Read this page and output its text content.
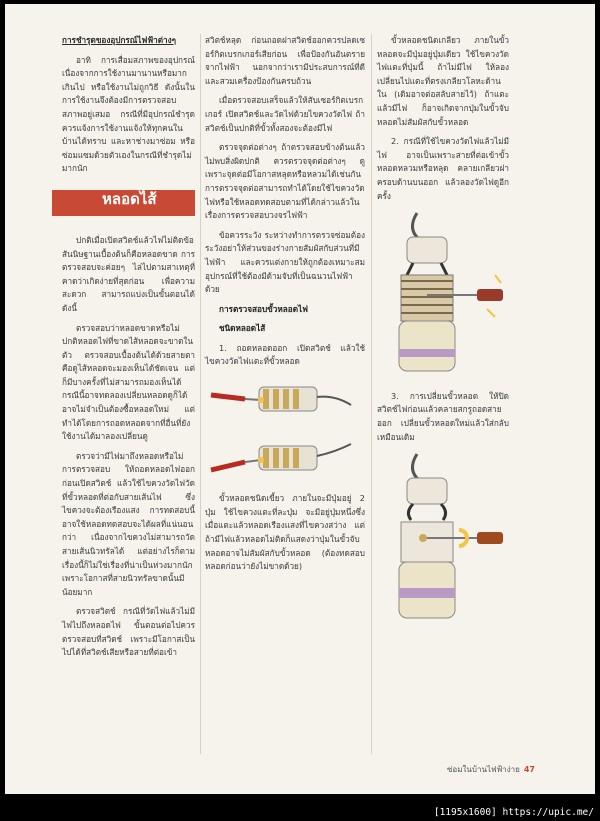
การชำรุดของอุปกรณ์ไฟฟ้าต่างๆ

อาทิ การเสื่อมสภาพของอุปกรณ์ เนื่องจากการใช้งานมานานหรือมากเกินไป หรือใช้งานไม่ถูกวิธี ดังนั้นในการใช้งานจึงต้องมีการตรวจสอบสภาพอยู่เสมอ กรณีที่มีอุปกรณ์ชำรุดควรแจ้งการใช้งานแจ้งให้ทุกคนในบ้านได้ทราบ และหาช่างมาซ่อม หรือซ่อมแซมด้วยตัวเองในกรณีที่ชำรุดไม่มากนัก

หลอดไส้

ปกติเมื่อเปิดสวิตช์แล้วไฟไม่ติดข้อสันนิษฐานเบื้องต้นก็คือหลอดขาด การตรวจสอบจะค่อยๆ ไล่ไปตามสาเหตุที่คาดว่าเกิดง่ายที่สุดก่อน เพื่อความสะดวก สามารถแบ่งเป็นขั้นตอนได้ดังนี้

ตรวจสอบว่าหลอดขาดหรือไม่ ปกติหลอดไฟที่ขาดไส้หลอดจะขาดในตัว ตรวจสอบเบื้องต้นได้ด้วยสายตา คือดูไส้หลอดจะมองเห็นได้ชัดเจน แต่ก็มีบางครั้งที่ไม่สามารถมองเห็นได้ กรณีนี้อาจทดลองเปลี่ยนหลอดดูก็ได้ อาจไม่จำเป็นต้องซื้อหลอดใหม่ แต่ทำได้โดยการถอดหลอดจากที่อื่นที่ยังใช้งานได้มาลองเปลี่ยนดู

ตรวจว่ามีไฟมาถึงหลอดหรือไม่ การตรวจสอบ ให้ถอดหลอดไฟออกก่อนเปิดสวิตช์ แล้วใช้ไขควงวัดไฟวัดที่ขั้วหลอดที่ต่อกับสายเส้นไฟ ซึ่งไขควงจะต้องเรืองแสง การทดสอบนี้อาจใช้หลอดทดสอบจะได้ผลที่แน่นอนกว่า เนื่องจากไขควงไม่สามารถวัดสายเส้นนิวทรัลได้ แต่อย่างไรก็ตาม เรื่องนี้ก็ไม่ใช่เรื่องที่น่าเป็นห่วงมากนัก เพราะโอกาสที่สายนิวทรัลขาดนั้นมีน้อยมาก

ตรวจสวิตช์ กรณีที่วัดไฟแล้วไม่มีไฟไปถึงหลอดไฟ ขั้นตอนต่อไปควรตรวจสอบที่สวิตช์ เพราะมีโอกาสเป็นไปได้ที่สวิตช์เสียหรือสายที่ต่อเข้า

สวิตช์หลุด ก่อนถอดฝาสวิตช์ออกควรปลดเซอร์กิตเบรกเกอร์เสียก่อน เพื่อป้องกันอันตรายจากไฟฟ้า นอกจากว่าเรามีประสบการณ์ที่ดีและสวมเครื่องป้องกันครบถ้วน

เมื่อตรวจสอบเสร็จแล้วให้สับเซอร์กิตเบรกเกอร์ เปิดสวิตช์และวัดไฟด้วยไขควงวัดไฟ ถ้าสวิตช์เป็นปกติที่ขั้วทั้งสองจะต้องมีไฟ

ตรวจจุดต่อต่างๆ ถ้าตรวจสอบข้างต้นแล้วไม่พบสิ่งผิดปกติ ควรตรวจจุดต่อต่างๆ ดู เพราะจุดต่อมีโอกาสหลุดหรือหลวมได้เช่นกัน การตรวจจุดต่อสามารถทำได้โดยใช้ไขควงวัดไฟหรือใช้หลอดทดสอบตามที่ได้กล่าวแล้วในเรื่องการตรวจสอบวงจรไฟฟ้า

ข้อควรระวัง ระหว่างทำการตรวจซ่อมต้องระวังอย่าให้ส่วนของร่างกายสัมผัสกับส่วนที่มีไฟฟ้า และควรแต่งกายให้ถูกต้องเหมาะสม อุปกรณ์ที่ใช้ต้องมีด้ามจับที่เป็นฉนวนไฟฟ้าด้วย

การตรวจสอบขั้วหลอดไฟ

ชนิดหลอดไส้

1. ถอดหลอดออก เปิดสวิตช์ แล้วใช้ไขควงวัดไฟแตะที่ขั้วหลอด

ขั้วหลอดชนิดเขี้ยว ภายในจะมีปุ่มอยู่ 2 ปุ่ม ใช้ไขควงแตะที่ละปุ่ม จะมีอยู่ปุ่มหนึ่งซึ่งเมื่อแตะแล้วหลอดเรืองแสงที่ไขควงสว่าง แต่ถ้ามีไฟแล้วหลอดไม่ติดก็แสดงว่าปุ่มในขั้วจับหลอดอาจไม่สัมผัสกับขั้วหลอด (ต้องทดสอบหลอดก่อนว่ายังไม่ขาดด้วย)

ขั้วหลอดชนิดเกลียว ภายในขั้วหลอดจะมีปุ่มอยู่ปุ่มเดียว ใช้ไขควงวัดไฟแตะที่ปุ่มนี้ ถ้าไม่มีไฟ ให้ลองเปลี่ยนไปแตะที่ตรงเกลียวโลหะด้านใน (เดิมอาจต่อสลับสายไว้) ถ้าแตะแล้วมีไฟ ก็อาจเกิดจากปุ่มในขั้วจับหลอดไม่สัมผัสกับขั้วหลอด

2. กรณีที่ใช้ไขควงวัดไฟแล้วไม่มีไฟ อาจเป็นเพราะสายที่ต่อเข้าขั้วหลอดหลวมหรือหลุด คลายเกลียวฝาครอบด้านบนออก แล้วลองวัดไฟดูอีกครั้ง

3. การเปลี่ยนขั้วหลอด ให้ปิดสวิตช์ไฟก่อนแล้วคลายสกรูถอดสายออก เปลี่ยนขั้วหลอดใหม่แล้วใส่กลับเหมือนเดิม

ซ่อมในบ้านไฟฟ้าง่าย 47
[1195x1600] https://upic.me/
